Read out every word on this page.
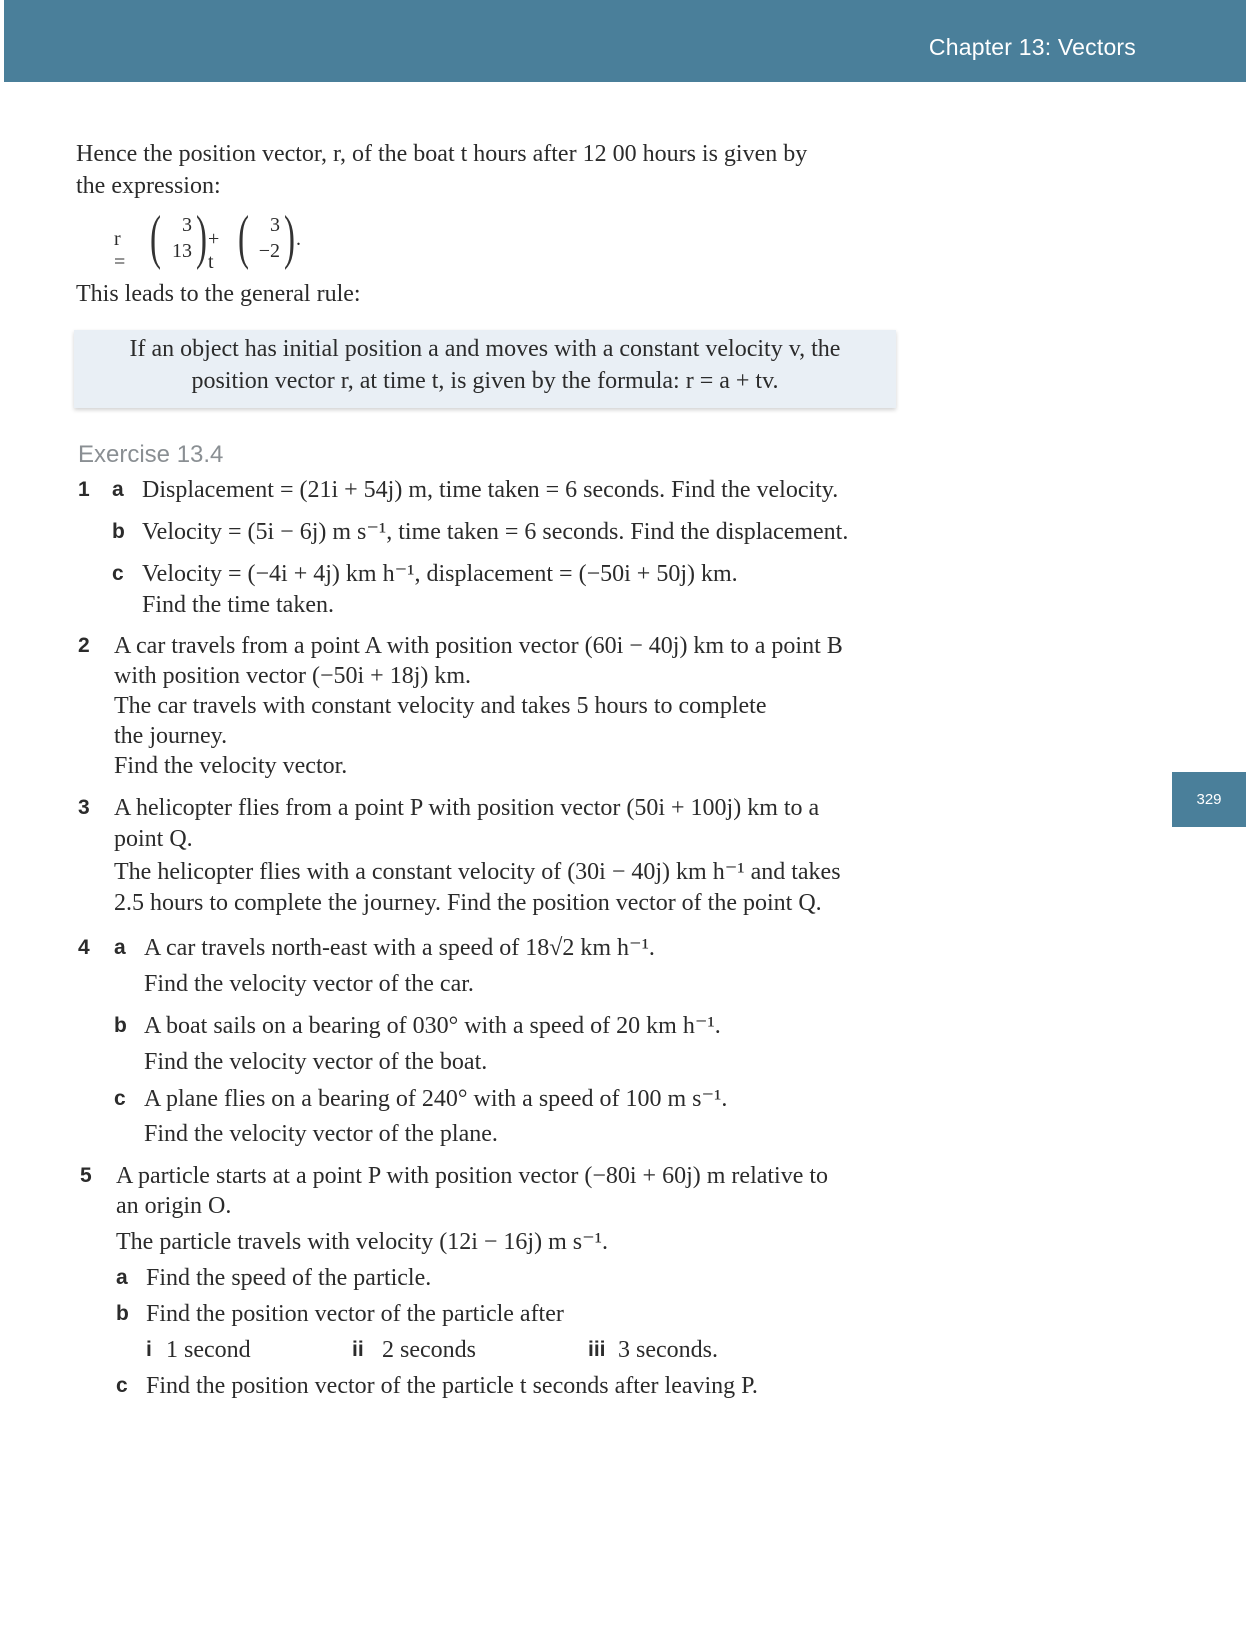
Chapter 13: Vectors
329
Hence the position vector, r, of the boat t hours after 12 00 hours is given by
the expression:
r = (	3
13 ) + t (	3
−2 ) .
This leads to the general rule:
If an object has initial position a and moves with a constant velocity v, the
position vector r, at time t, is given by the formula: r = a + tv.
Exercise 13.4
1 a Displacement = (21i + 54j) m, time taken = 6 seconds. Find the velocity.
b Velocity = (5i − 6j) m s⁻¹, time taken = 6 seconds. Find the displacement.
c Velocity = (−4i + 4j) km h⁻¹, displacement = (−50i + 50j) km.
Find the time taken.
2 A car travels from a point A with position vector (60i − 40j) km to a point B
with position vector (−50i + 18j) km.
The car travels with constant velocity and takes 5 hours to complete
the journey.
Find the velocity vector.
3 A helicopter flies from a point P with position vector (50i + 100j) km to a
point Q.
The helicopter flies with a constant velocity of (30i − 40j) km h⁻¹ and takes
2.5 hours to complete the journey. Find the position vector of the point Q.
4 a A car travels north-east with a speed of 18√2 km h⁻¹.
Find the velocity vector of the car.
b A boat sails on a bearing of 030° with a speed of 20 km h⁻¹.
Find the velocity vector of the boat.
c A plane flies on a bearing of 240° with a speed of 100 m s⁻¹.
Find the velocity vector of the plane.
5 A particle starts at a point P with position vector (−80i + 60j) m relative to
an origin O.
The particle travels with velocity (12i − 16j) m s⁻¹.
a Find the speed of the particle.
b Find the position vector of the particle after
i 1 second	ii 2 seconds	iii 3 seconds.
c Find the position vector of the particle t seconds after leaving P.
